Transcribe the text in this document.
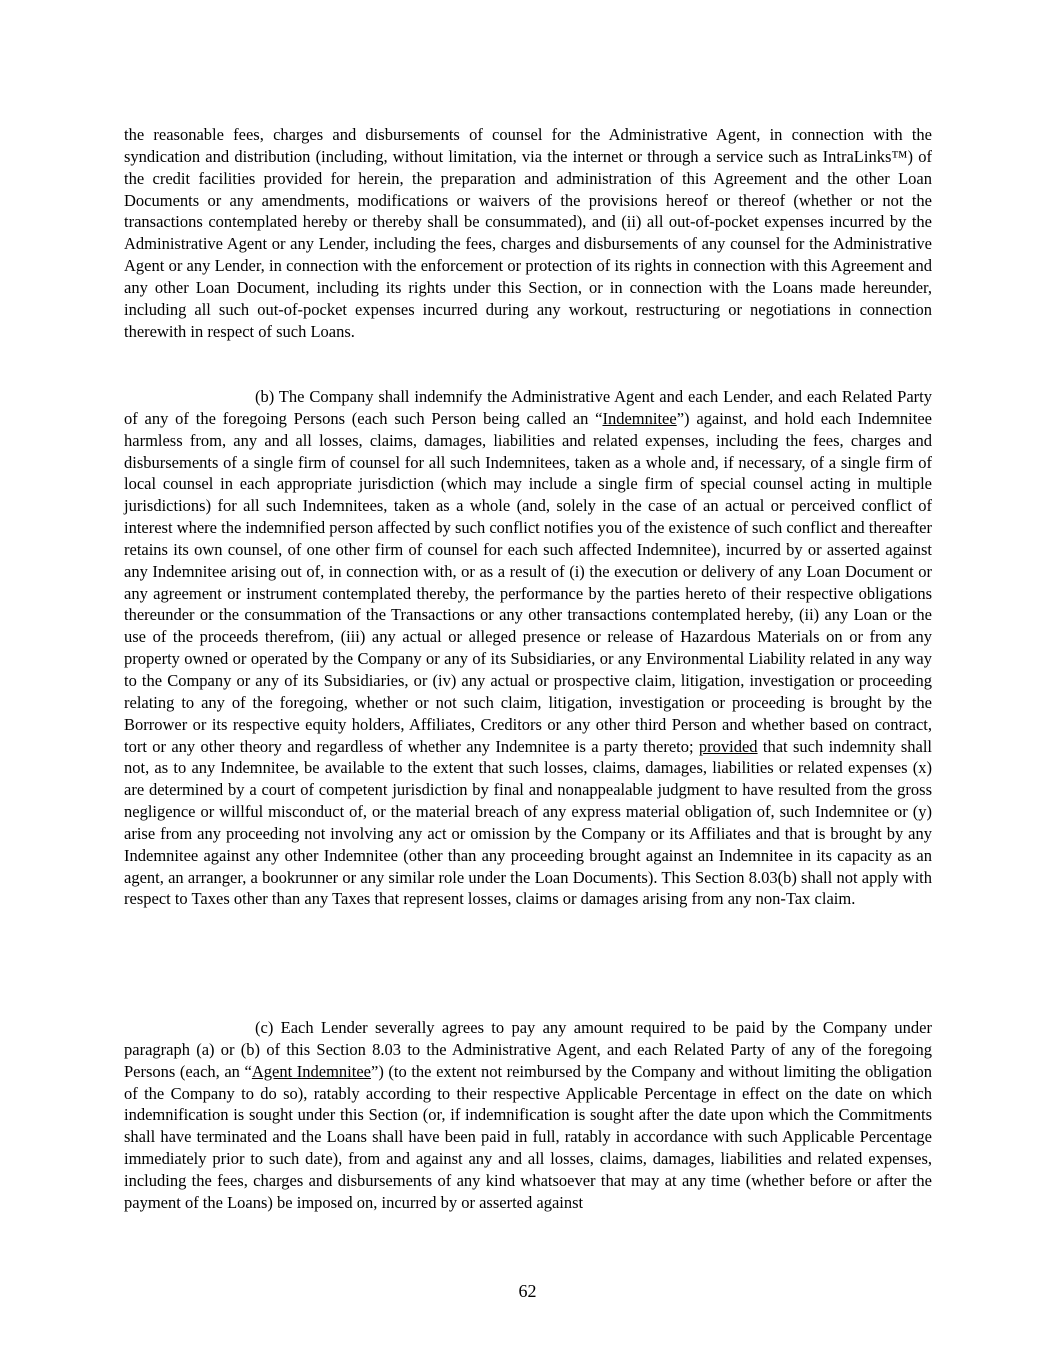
the reasonable fees, charges and disbursements of counsel for the Administrative Agent, in connection with the syndication and distribution (including, without limitation, via the internet or through a service such as IntraLinks™) of the credit facilities provided for herein, the preparation and administration of this Agreement and the other Loan Documents or any amendments, modifications or waivers of the provisions hereof or thereof (whether or not the transactions contemplated hereby or thereby shall be consummated), and (ii) all out-of-pocket expenses incurred by the Administrative Agent or any Lender, including the fees, charges and disbursements of any counsel for the Administrative Agent or any Lender, in connection with the enforcement or protection of its rights in connection with this Agreement and any other Loan Document, including its rights under this Section, or in connection with the Loans made hereunder, including all such out-of-pocket expenses incurred during any workout, restructuring or negotiations in connection therewith in respect of such Loans.

(b) The Company shall indemnify the Administrative Agent and each Lender, and each Related Party of any of the foregoing Persons (each such Person being called an “Indemnitee”) against, and hold each Indemnitee harmless from, any and all losses, claims, damages, liabilities and related expenses, including the fees, charges and disbursements of a single firm of counsel for all such Indemnitees, taken as a whole and, if necessary, of a single firm of local counsel in each appropriate jurisdiction (which may include a single firm of special counsel acting in multiple jurisdictions) for all such Indemnitees, taken as a whole (and, solely in the case of an actual or perceived conflict of interest where the indemnified person affected by such conflict notifies you of the existence of such conflict and thereafter retains its own counsel, of one other firm of counsel for each such affected Indemnitee), incurred by or asserted against any Indemnitee arising out of, in connection with, or as a result of (i) the execution or delivery of any Loan Document or any agreement or instrument contemplated thereby, the performance by the parties hereto of their respective obligations thereunder or the consummation of the Transactions or any other transactions contemplated hereby, (ii) any Loan or the use of the proceeds therefrom, (iii) any actual or alleged presence or release of Hazardous Materials on or from any property owned or operated by the Company or any of its Subsidiaries, or any Environmental Liability related in any way to the Company or any of its Subsidiaries, or (iv) any actual or prospective claim, litigation, investigation or proceeding relating to any of the foregoing, whether or not such claim, litigation, investigation or proceeding is brought by the Borrower or its respective equity holders, Affiliates, Creditors or any other third Person and whether based on contract, tort or any other theory and regardless of whether any Indemnitee is a party thereto; provided that such indemnity shall not, as to any Indemnitee, be available to the extent that such losses, claims, damages, liabilities or related expenses (x) are determined by a court of competent jurisdiction by final and nonappealable judgment to have resulted from the gross negligence or willful misconduct of, or the material breach of any express material obligation of, such Indemnitee or (y) arise from any proceeding not involving any act or omission by the Company or its Affiliates and that is brought by any Indemnitee against any other Indemnitee (other than any proceeding brought against an Indemnitee in its capacity as an agent, an arranger, a bookrunner or any similar role under the Loan Documents). This Section 8.03(b) shall not apply with respect to Taxes other than any Taxes that represent losses, claims or damages arising from any non-Tax claim.

(c) Each Lender severally agrees to pay any amount required to be paid by the Company under paragraph (a) or (b) of this Section 8.03 to the Administrative Agent, and each Related Party of any of the foregoing Persons (each, an “Agent Indemnitee”) (to the extent not reimbursed by the Company and without limiting the obligation of the Company to do so), ratably according to their respective Applicable Percentage in effect on the date on which indemnification is sought under this Section (or, if indemnification is sought after the date upon which the Commitments shall have terminated and the Loans shall have been paid in full, ratably in accordance with such Applicable Percentage immediately prior to such date), from and against any and all losses, claims, damages, liabilities and related expenses, including the fees, charges and disbursements of any kind whatsoever that may at any time (whether before or after the payment of the Loans) be imposed on, incurred by or asserted against

62
